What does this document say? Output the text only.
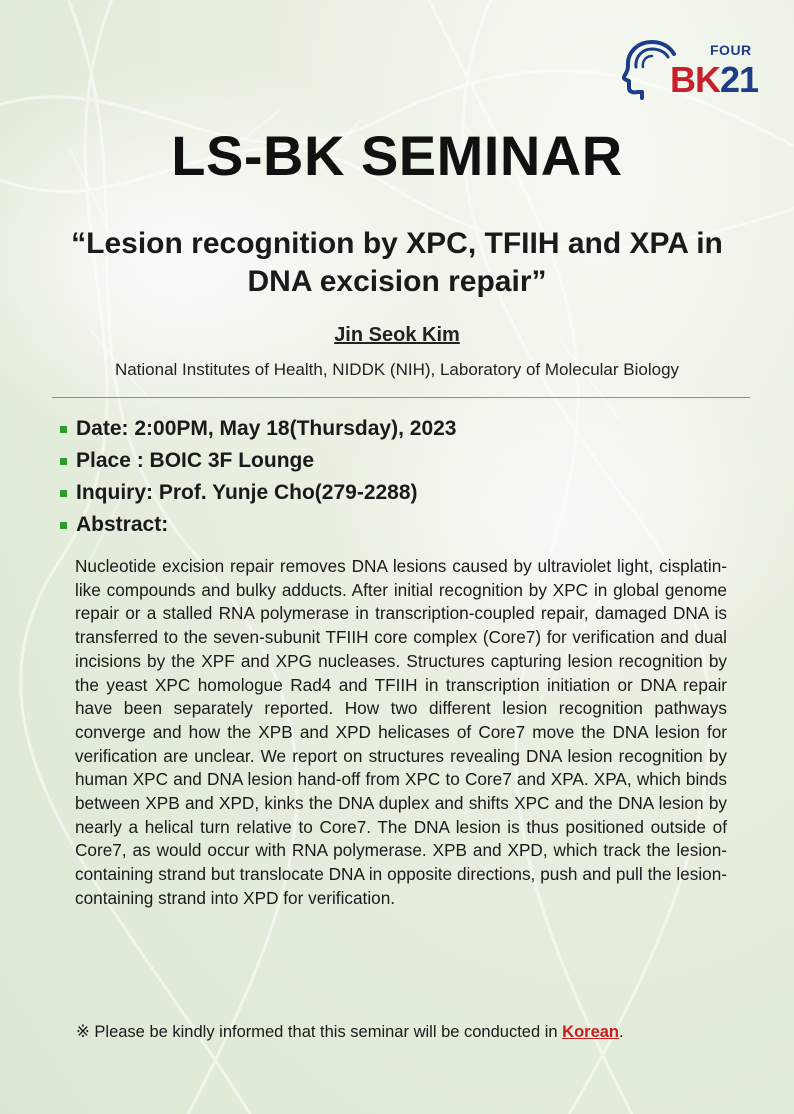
FOUR
BK21
LS-BK SEMINAR
“Lesion recognition by XPC, TFIIH and XPA in DNA excision repair”
Jin Seok Kim
National Institutes of Health, NIDDK (NIH), Laboratory of Molecular Biology
Date: 2:00PM, May 18(Thursday), 2023
Place : BOIC 3F Lounge
Inquiry: Prof. Yunje Cho(279-2288)
Abstract:
Nucleotide excision repair removes DNA lesions caused by ultraviolet light, cisplatin- like compounds and bulky adducts. After initial recognition by XPC in global genome repair or a stalled RNA polymerase in transcription-coupled repair, damaged DNA is transferred to the seven-subunit TFIIH core complex (Core7) for verification and dual incisions by the XPF and XPG nucleases. Structures capturing lesion recognition by the yeast XPC homologue Rad4 and TFIIH in transcription initiation or DNA repair have been separately reported. How two different lesion recognition pathways converge and how the XPB and XPD helicases of Core7 move the DNA lesion for verification are unclear. We report on structures revealing DNA lesion recognition by human XPC and DNA lesion hand-off from XPC to Core7 and XPA. XPA, which binds between XPB and XPD, kinks the DNA duplex and shifts XPC and the DNA lesion by nearly a helical turn relative to Core7. The DNA lesion is thus positioned outside of Core7, as would occur with RNA polymerase. XPB and XPD, which track the lesion- containing strand but translocate DNA in opposite directions, push and pull the lesion- containing strand into XPD for verification.
※ Please be kindly informed that this seminar will be conducted in Korean.
